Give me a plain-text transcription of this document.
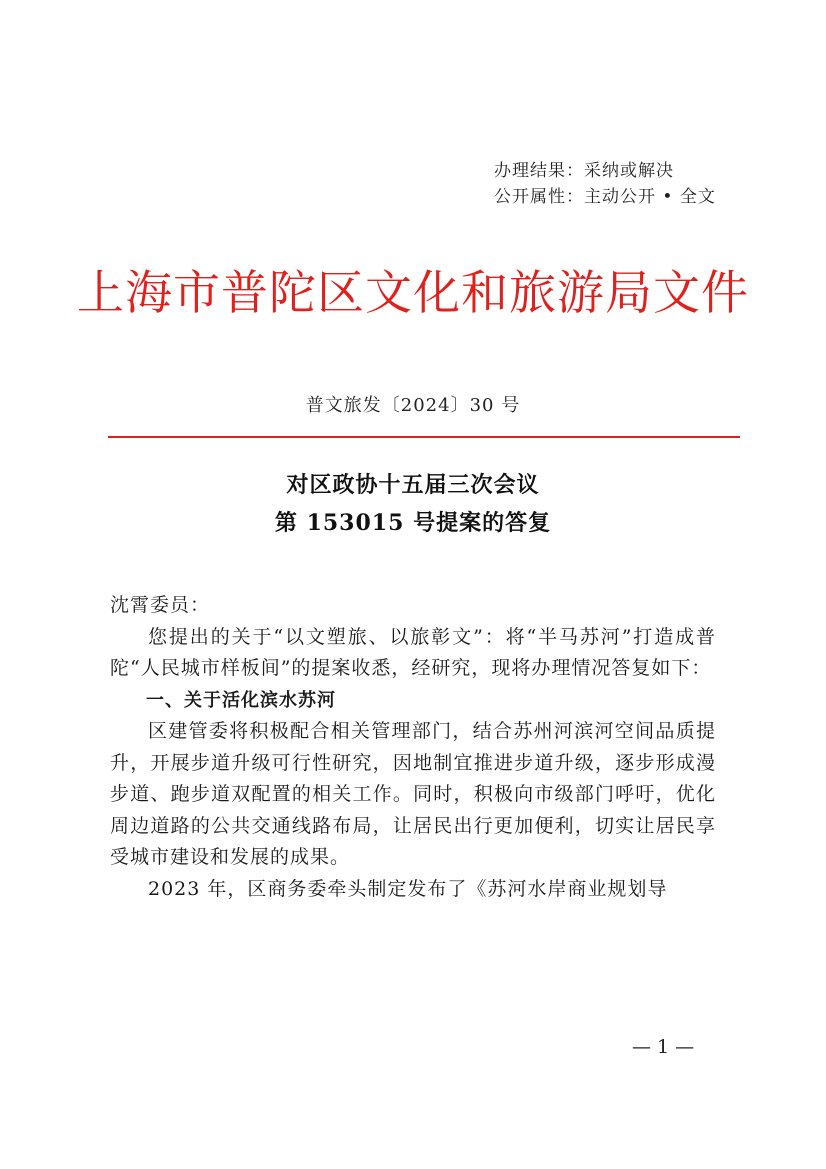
办理结果：采纳或解决
公开属性：主动公开 • 全文
上海市普陀区文化和旅游局文件
普文旅发〔2024〕30 号
对区政协十五届三次会议
第 153015 号提案的答复

沈霄委员：

您提出的关于“以文塑旅、以旅彰文”：将“半马苏河”打造成普陀“人民城市样板间”的提案收悉，经研究，现将办理情况答复如下：

一、关于活化滨水苏河

区建管委将积极配合相关管理部门，结合苏州河滨河空间品质提升，开展步道升级可行性研究，因地制宜推进步道升级，逐步形成漫步道、跑步道双配置的相关工作。同时，积极向市级部门呼吁，优化周边道路的公共交通线路布局，让居民出行更加便利，切实让居民享受城市建设和发展的成果。

2023 年，区商务委牵头制定发布了《苏河水岸商业规划导

— 1 —
